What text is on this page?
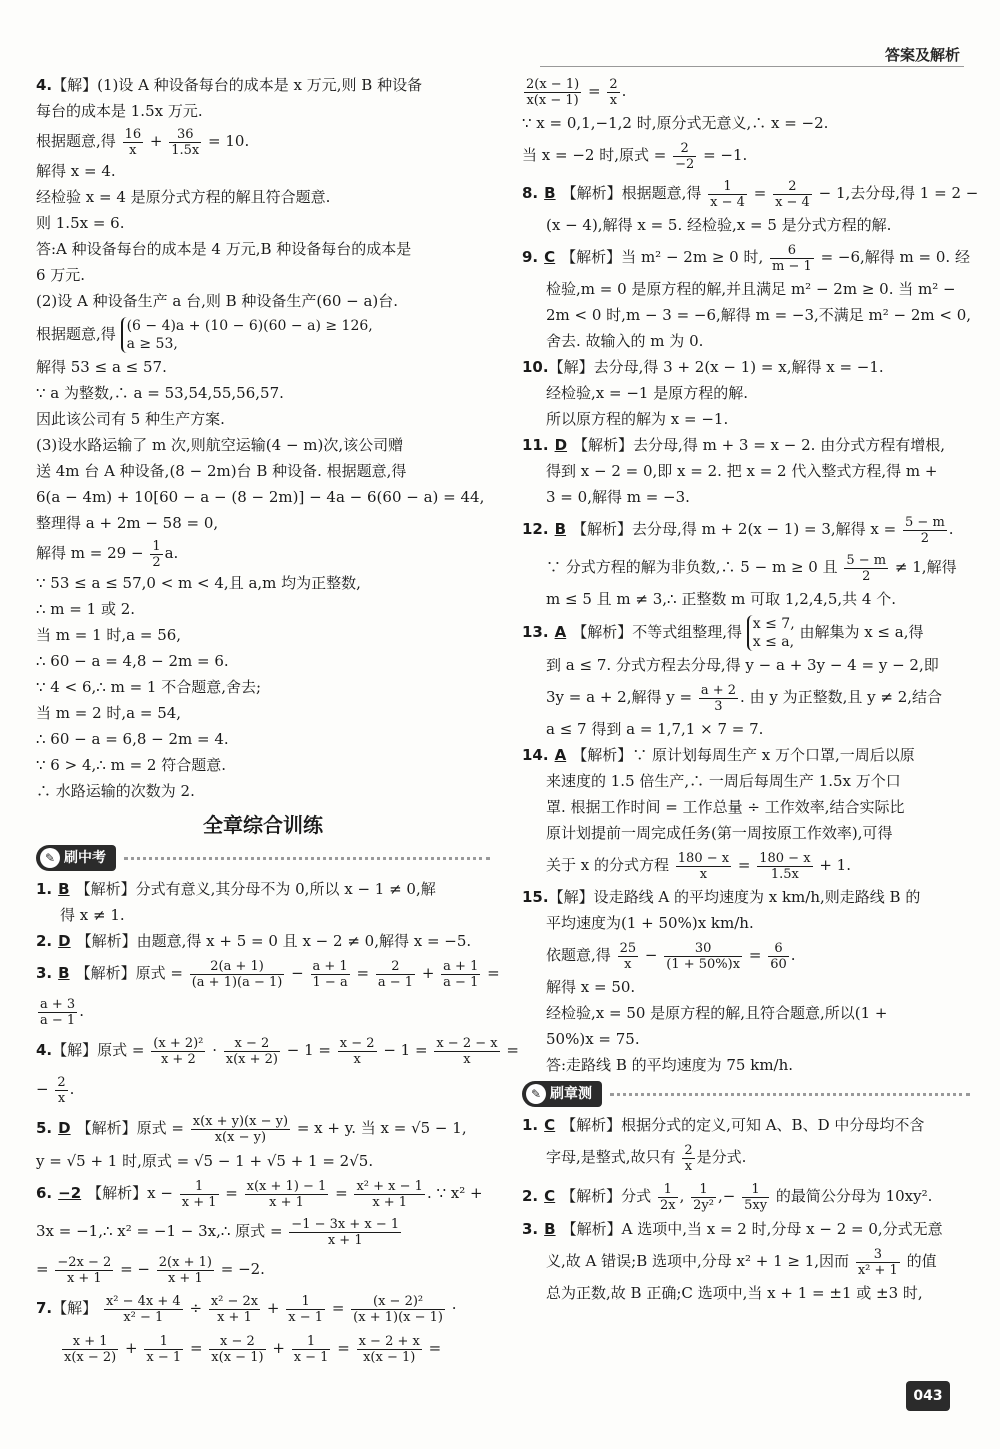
答案及解析

4.【解】(1)设 A 种设备每台的成本是 x 万元,则 B 种设备

每台的成本是 1.5x 万元.

根据题意,得 $\frac{16}{x} + \frac{36}{1.5x} = 10$.

解得 x = 4.

经检验 x = 4 是原分式方程的解且符合题意.

则 1.5x = 6.

答:A 种设备每台的成本是 4 万元,B 种设备每台的成本是

6 万元.

(2)设 A 种设备生产 a 台,则 B 种设备生产(60 − a)台.

根据题意,得 (6 − 4)a + (10 − 6)(60 − a) ≥ 126,
a ≥ 53,

解得 53 ≤ a ≤ 57.

∵ a 为整数,∴ a = 53,54,55,56,57.

因此该公司有 5 种生产方案.

(3)设水路运输了 m 次,则航空运输(4 − m)次,该公司赠

送 4m 台 A 种设备,(8 − 2m)台 B 种设备. 根据题意,得

6(a − 4m) + 10[60 − a − (8 − 2m)] − 4a − 6(60 − a) = 44,

整理得 a + 2m − 58 = 0,

解得 $m = 29 - \frac{1}{2} a$.

∵ 53 ≤ a ≤ 57,0 < m < 4,且 a,m 均为正整数,

∴ m = 1 或 2.

当 m = 1 时,a = 56,

∴ 60 − a = 4,8 − 2m = 6.

∵ 4 < 6,∴ m = 1 不合题意,舍去;

当 m = 2 时,a = 54,

∴ 60 − a = 6,8 − 2m = 4.

∵ 6 > 4,∴ m = 2 符合题意.

∴ 水路运输的次数为 2.

全章综合训练
✎ 刷中考

1. B 【解析】分式有意义,其分母不为 0,所以 x − 1 ≠ 0,解

得 x ≠ 1.

2. D 【解析】由题意,得 x + 5 = 0 且 x − 2 ≠ 0,解得 x = −5.

3. B 【解析】原式 = $\frac{2(a + 1)}{(a + 1)(a - 1)} - \frac{a + 1}{1 - a} = \frac{2}{a - 1} + \frac{a + 1}{a - 1}$ =

$\frac{a + 3}{a - 1}$ .

4.【解】原式 = $\frac{\text{(x + 2)²}}{x + 2} \cdot \frac{x - 2}{x(x + 2)} - 1 = \frac{x - 2}{x} - 1 = \frac{x - 2 - x}{x}$ =

− $\frac{2}{x}$ .

5. D 【解析】原式 = $\frac{x(x + y)(x - y)}{x(x - y)} = x + y$. 当 x = √5 − 1,

y = √5 + 1 时,原式 = √5 − 1 + √5 + 1 = 2√5.

6. −2 【解析】$x - \frac{1}{x + 1} = \frac{x(x + 1) - 1}{x + 1} = \frac{\text{x² + x − 1}}{x + 1}$ . ∵ x² +

3x = −1,∴ x² = −1 − 3x,∴ 原式 = $\frac{-1 - 3x + x - 1}{x + 1}$

= $\frac{-2x - 2}{x + 1}$ = − $\frac{2(x + 1)}{x + 1} = -2$.

7.【解】 $\frac{\text{x² − 4x + 4}}{\text{x² − 1}} \div \frac{\text{x² − 2x}}{x + 1} + \frac{1}{x - 1} = \frac{\text{(x − 2)²}}{(x + 1)(x - 1)}$ ·

$\frac{x + 1}{x(x - 2)} + \frac{1}{x - 1} = \frac{x - 2}{x(x - 1)} + \frac{1}{x - 1} = \frac{x - 2 + x}{x(x - 1)}$ =

$\frac{2(x - 1)}{x(x - 1)} = \frac{2}{x}$ .

∵ x = 0,1,−1,2 时,原分式无意义,∴ x = −2.

当 x = −2 时,原式 = $\frac{2}{-2} = -1$.

8. B 【解析】根据题意,得 $\frac{1}{x - 4} = \frac{2}{x - 4} - 1$,去分母,得 1 = 2 −

(x − 4),解得 x = 5. 经检验,x = 5 是分式方程的解.

9. C 【解析】当 m² − 2m ≥ 0 时, $\frac{6}{m - 1} = -6$,解得 m = 0. 经

检验,m = 0 是原方程的解,并且满足 m² − 2m ≥ 0. 当 m² −

2m < 0 时,m − 3 = −6,解得 m = −3,不满足 m² − 2m < 0,

舍去. 故输入的 m 为 0.

10.【解】去分母,得 3 + 2(x − 1) = x,解得 x = −1.

经检验,x = −1 是原方程的解.

所以原方程的解为 x = −1.

11. D 【解析】去分母,得 m + 3 = x − 2. 由分式方程有增根,

得到 x − 2 = 0,即 x = 2. 把 x = 2 代入整式方程,得 m +

3 = 0,解得 m = −3.

12. B 【解析】去分母,得 m + 2(x − 1) = 3,解得 $x = \frac{5 - m}{2}$ .

∵ 分式方程的解为非负数,∴ 5 − m ≥ 0 且 $\frac{5 - m}{2} \ne 1$,解得

m ≤ 5 且 m ≠ 3,∴ 正整数 m 可取 1,2,4,5,共 4 个.

13. A 【解析】不等式组整理,得 x ≤ 7,
x ≤ a,
由解集为 x ≤ a,得

到 a ≤ 7. 分式方程去分母,得 y − a + 3y − 4 = y − 2,即

3y = a + 2,解得 $y = \frac{a + 2}{3}$ . 由 y 为正整数,且 y ≠ 2,结合

a ≤ 7 得到 a = 1,7,1 × 7 = 7.

14. A 【解析】∵ 原计划每周生产 x 万个口罩,一周后以原

来速度的 1.5 倍生产,∴ 一周后每周生产 1.5x 万个口

罩. 根据工作时间 = 工作总量 ÷ 工作效率,结合实际比

原计划提前一周完成任务(第一周按原工作效率),可得

关于 x 的分式方程 $\frac{180 - x}{x} = \frac{180 - x}{1.5x} + 1$.

15.【解】设走路线 A 的平均速度为 x km/h,则走路线 B 的

平均速度为(1 + 50%)x km/h.

依题意,得 $\frac{25}{x} - \frac{30}{(1 + 50\%)x} = \frac{6}{60}$ .

解得 x = 50.

经检验,x = 50 是原方程的解,且符合题意,所以(1 +

50%)x = 75.

答:走路线 B 的平均速度为 75 km/h.

✎ 刷章测

1. C 【解析】根据分式的定义,可知 A、B、D 中分母均不含

字母,是整式,故只有 $\frac{2}{x}$ 是分式.

2. C 【解析】分式 $\frac{1}{2x}$ , $\frac{1}{\text{2y²}}$ ,− $\frac{1}{5xy}$ 的最简公分母为 10xy².

3. B 【解析】A 选项中,当 x = 2 时,分母 x − 2 = 0,分式无意

义,故 A 错误;B 选项中,分母 x² + 1 ≥ 1,因而 $\frac{3}{\text{x² + 1}}$ 的值

总为正数,故 B 正确;C 选项中,当 x + 1 = ±1 或 ±3 时,

043
